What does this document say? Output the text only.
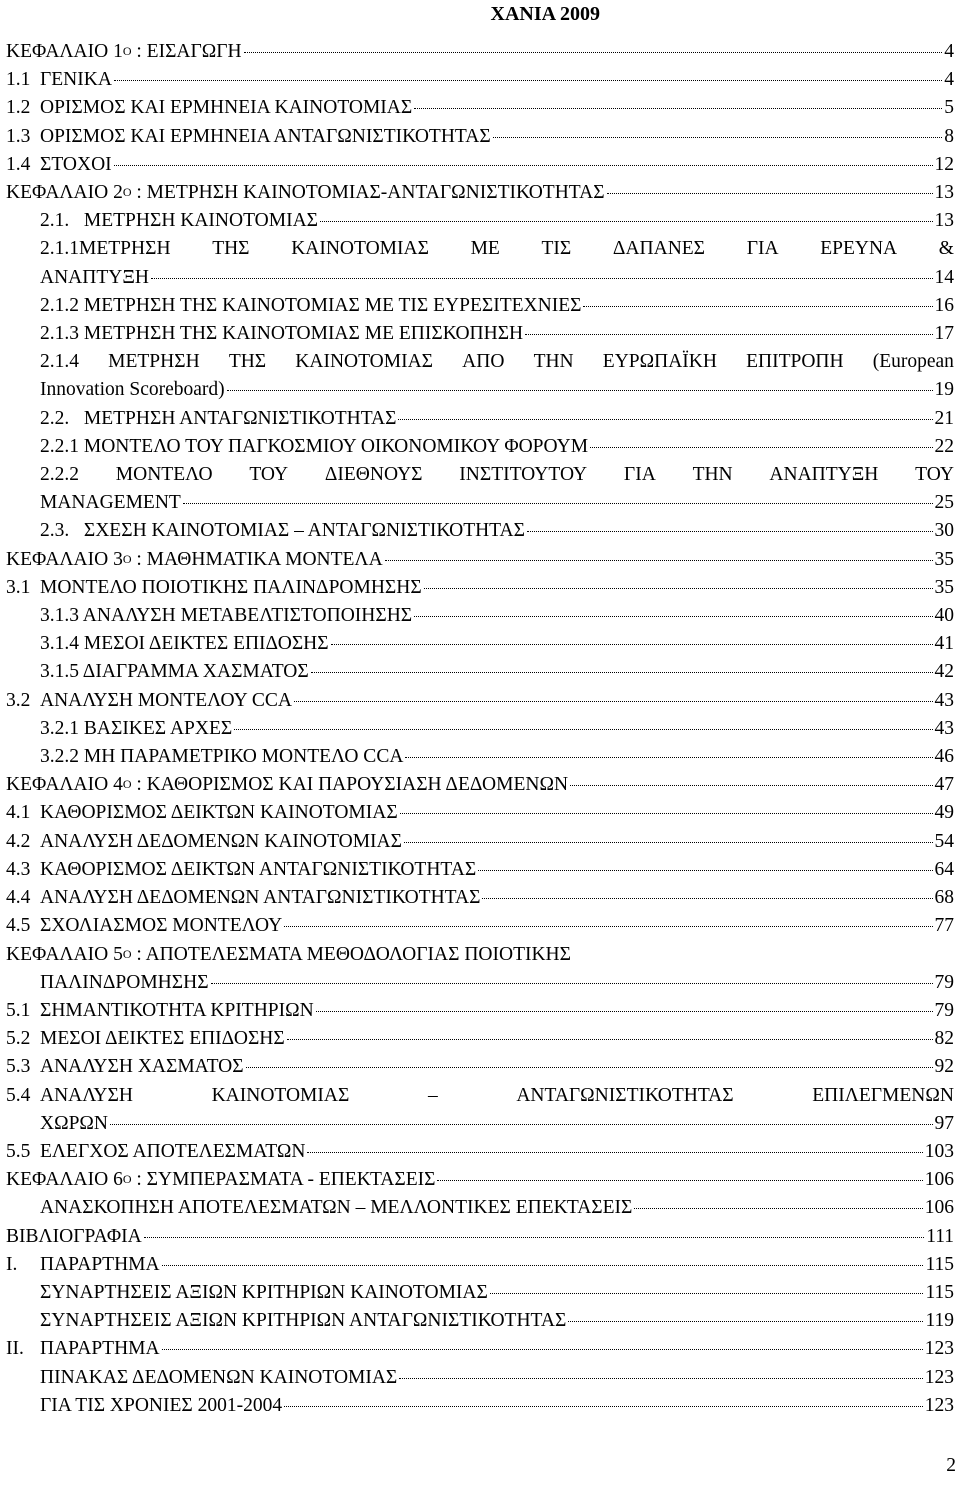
ΧΑΝΙΑ 2009
ΚΕΦΑΛΑΙΟ $1^O$ : ΕΙΣΑΓΩΓΗ	4
1.1 ΓΕΝΙΚΑ	4
1.2 ΟΡΙΣΜΟΣ ΚΑΙ ΕΡΜΗΝΕΙΑ ΚΑΙΝΟΤΟΜΙΑΣ	5
1.3 ΟΡΙΣΜΟΣ ΚΑΙ ΕΡΜΗΝΕΙΑ ΑΝΤΑΓΩΝΙΣΤΙΚΟΤΗΤΑΣ	8
1.4 ΣΤΟΧΟΙ	12
ΚΕΦΑΛΑΙΟ $2^O$ : ΜΕΤΡΗΣΗ ΚΑΙΝΟΤΟΜΙΑΣ-ΑΝΤΑΓΩΝΙΣΤΙΚΟΤΗΤΑΣ	13
2.1.   ΜΕΤΡΗΣΗ ΚΑΙΝΟΤΟΜΙΑΣ	13
2.1.1ΜΕΤΡΗΣΗ ΤΗΣ ΚΑΙΝΟΤΟΜΙΑΣ ΜΕ ΤΙΣ ΔΑΠΑΝΕΣ ΓΙΑ ΕΡΕΥΝΑ &
ΑΝΑΠΤΥΞΗ	14
2.1.2 ΜΕΤΡΗΣΗ ΤΗΣ ΚΑΙΝΟΤΟΜΙΑΣ ΜΕ ΤΙΣ ΕΥΡΕΣΙΤΕΧΝΙΕΣ	16
2.1.3 ΜΕΤΡΗΣΗ ΤΗΣ ΚΑΙΝΟΤΟΜΙΑΣ ΜΕ ΕΠΙΣΚΟΠΗΣΗ	17
2.1.4 ΜΕΤΡΗΣΗ ΤΗΣ ΚΑΙΝΟΤΟΜΙΑΣ ΑΠΟ ΤΗΝ ΕΥΡΩΠΑΪΚΗ ΕΠΙΤΡΟΠΗ (European
Innovation Scoreboard)	19
2.2.   ΜΕΤΡΗΣΗ ΑΝΤΑΓΩΝΙΣΤΙΚΟΤΗΤΑΣ	21
2.2.1 ΜΟΝΤΕΛΟ ΤΟΥ ΠΑΓΚΟΣΜΙΟΥ ΟΙΚΟΝΟΜΙΚΟΥ ΦΟΡΟΥΜ	22
2.2.2 ΜΟΝΤΕΛΟ ΤΟΥ ΔΙΕΘΝΟΥΣ ΙΝΣΤΙΤΟΥΤΟΥ ΓΙΑ ΤΗΝ ΑΝΑΠΤΥΞΗ ΤΟΥ
MANAGEMENT	25
2.3.   ΣΧΕΣΗ ΚΑΙΝΟΤΟΜΙΑΣ – ΑΝΤΑΓΩΝΙΣΤΙΚΟΤΗΤΑΣ	30
ΚΕΦΑΛΑΙΟ $3^O$ : ΜΑΘΗΜΑΤΙΚΑ ΜΟΝΤΕΛΑ	35
3.1 ΜΟΝΤΕΛΟ ΠΟΙΟΤΙΚΗΣ ΠΑΛΙΝΔΡΟΜΗΣΗΣ	35
3.1.3 ΑΝΑΛΥΣΗ ΜΕΤΑΒΕΛΤΙΣΤΟΠΟΙΗΣΗΣ	40
3.1.4 ΜΕΣΟΙ ΔΕΙΚΤΕΣ ΕΠΙΔΟΣΗΣ	41
3.1.5 ΔΙΑΓΡΑΜΜΑ ΧΑΣΜΑΤΟΣ	42
3.2 ΑΝΑΛΥΣΗ ΜΟΝΤΕΛΟΥ CCA	43
3.2.1 ΒΑΣΙΚΕΣ ΑΡΧΕΣ	43
3.2.2 ΜΗ ΠΑΡΑΜΕΤΡΙΚΟ ΜΟΝΤΕΛΟ CCA	46
ΚΕΦΑΛΑΙΟ $4^O$ : ΚΑΘΟΡΙΣΜΟΣ ΚΑΙ ΠΑΡΟΥΣΙΑΣΗ ΔΕΔΟΜΕΝΩΝ	47
4.1 ΚΑΘΟΡΙΣΜΟΣ ΔΕΙΚΤΩΝ ΚΑΙΝΟΤΟΜΙΑΣ	49
4.2 ΑΝΑΛΥΣΗ ΔΕΔΟΜΕΝΩΝ ΚΑΙΝΟΤΟΜΙΑΣ	54
4.3 ΚΑΘΟΡΙΣΜΟΣ ΔΕΙΚΤΩΝ ΑΝΤΑΓΩΝΙΣΤΙΚΟΤΗΤΑΣ	64
4.4 ΑΝΑΛΥΣΗ ΔΕΔΟΜΕΝΩΝ ΑΝΤΑΓΩΝΙΣΤΙΚΟΤΗΤΑΣ	68
4.5 ΣΧΟΛΙΑΣΜΟΣ ΜΟΝΤΕΛΟΥ	77
ΚΕΦΑΛΑΙΟ $5^O$ : ΑΠΟΤΕΛΕΣΜΑΤΑ ΜΕΘΟΔΟΛΟΓΙΑΣ ΠΟΙΟΤΙΚΗΣ
ΠΑΛΙΝΔΡΟΜΗΣΗΣ	79
5.1 ΣΗΜΑΝΤΙΚΟΤΗΤΑ ΚΡΙΤΗΡΙΩΝ	79
5.2 ΜΕΣΟΙ ΔΕΙΚΤΕΣ ΕΠΙΔΟΣΗΣ	82
5.3 ΑΝΑΛΥΣΗ ΧΑΣΜΑΤΟΣ	92
5.4 ΑΝΑΛΥΣΗ	ΚΑΙΝΟΤΟΜΙΑΣ	–	ΑΝΤΑΓΩΝΙΣΤΙΚΟΤΗΤΑΣ	ΕΠΙΛΕΓΜΕΝΩΝ
ΧΩΡΩΝ	97
5.5 ΕΛΕΓΧΟΣ ΑΠΟΤΕΛΕΣΜΑΤΩΝ	103
ΚΕΦΑΛΑΙΟ $6^O$ : ΣΥΜΠΕΡΑΣΜΑΤΑ - ΕΠΕΚΤΑΣΕΙΣ	106
ΑΝΑΣΚΟΠΗΣΗ ΑΠΟΤΕΛΕΣΜΑΤΩΝ – ΜΕΛΛΟΝΤΙΚΕΣ ΕΠΕΚΤΑΣΕΙΣ	106
ΒΙΒΛΙΟΓΡΑΦΙΑ	111
I.	ΠΑΡΑΡΤΗΜΑ	115
ΣΥΝΑΡΤΗΣΕΙΣ ΑΞΙΩΝ ΚΡΙΤΗΡΙΩΝ ΚΑΙΝΟΤΟΜΙΑΣ	115
ΣΥΝΑΡΤΗΣΕΙΣ ΑΞΙΩΝ ΚΡΙΤΗΡΙΩΝ ΑΝΤΑΓΩΝΙΣΤΙΚΟΤΗΤΑΣ	119
II. ΠΑΡΑΡΤΗΜΑ	123
ΠΙΝΑΚΑΣ ΔΕΔΟΜΕΝΩΝ ΚΑΙΝΟΤΟΜΙΑΣ	123
ΓΙΑ ΤΙΣ ΧΡΟΝΙΕΣ 2001-2004	123
2
